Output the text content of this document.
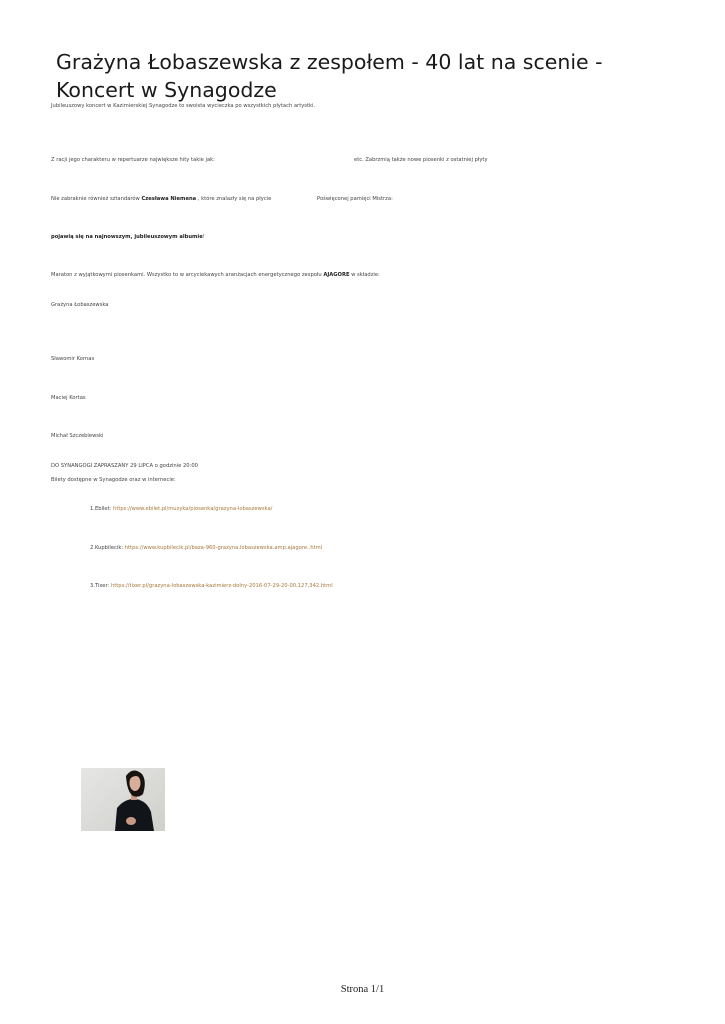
Grażyna Łobaszewska z zespołem - 40 lat na scenie - Koncert w Synagodze
Jubileuszowy koncert w Kazimierskiej Synagodze to swoista wycieczka po wszystkich płytach artystki.
Z racji jego charakteru w repertuarze największe hity takie jak:	etc. Zabrzmią także nowe piosenki z ostatniej płyty
Nie zabraknie również sztandarów Czesława Niemena , które znalazły się na płycie	Poświęconej pamięci Mistrza:
pojawią się na najnowszym, jubileuszowym albumie!
Maraton z wyjątkowymi piosenkami. Wszystko to w arcyciekawych aranżacjach energetycznego zespołu AJAGORE w składzie:
Grażyna Łobaszewska
Sławomir Kornas
Maciej Kortas
Michał Szczeblewski
DO SYNANGOGI ZAPRASZANY 29 LIPCA o godzinie 20:00
Bilety dostępne w Synagodze oraz w internecie:
1.Ebilet: https://www.ebilet.pl/muzyka/piosenka/grazyna-lobaszewska/
2.Kupbilecik: https://www.kupbilecik.pl/baza-960-grazyna.lobaszewska.amp.ajagore..html
3.Tixer: https://tixer.pl/grazyna-lobaszewska-kazimierz-dolny-2016-07-29-20-00,127,342.html
Strona 1/1
